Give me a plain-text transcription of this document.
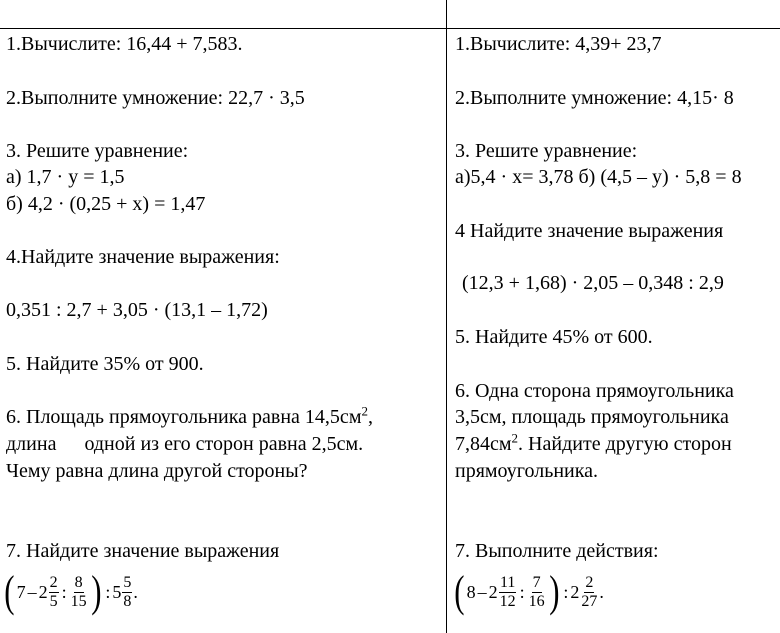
1.Вычислите: 16,44 + 7,583.
2.Выполните умножение: 22,7 · 3,5
3. Решите уравнение:
а) 1,7 · у = 1,5
б) 4,2 · (0,25 + х) = 1,47
4.Найдите значение выражения:
0,351 : 2,7 + 3,05 · (13,1 – 1,72)
5. Найдите 35% от 900.
6. Площадь прямоугольника равна $14,5см^2$,
длина одной из его сторон равна 2,5см.
Чему равна длина другой стороны?
7. Найдите значение выражения
( $7 - 2 \frac{2}{5}$ : $\frac{8}{15}$ ) : $5 \frac{5}{8}$ .
1.Вычислите: 4,39+ 23,7
2.Выполните умножение: 4,15· 8
3. Решите уравнение:
а)5,4 · х= 3,78 б) (4,5 – у) · 5,8 = 8
4 Найдите значение выражения
(12,3 + 1,68) · 2,05 – 0,348 : 2,9
5. Найдите 45% от 600.
6. Одна сторона прямоугольника
3,5см, площадь прямоугольника
$7,84см^2$. Найдите другую сторон
прямоугольника.
7. Выполните действия:
( $8 - 2 \frac{11}{12}$ : $\frac{7}{16}$ ) : $2 \frac{2}{27}$ .
